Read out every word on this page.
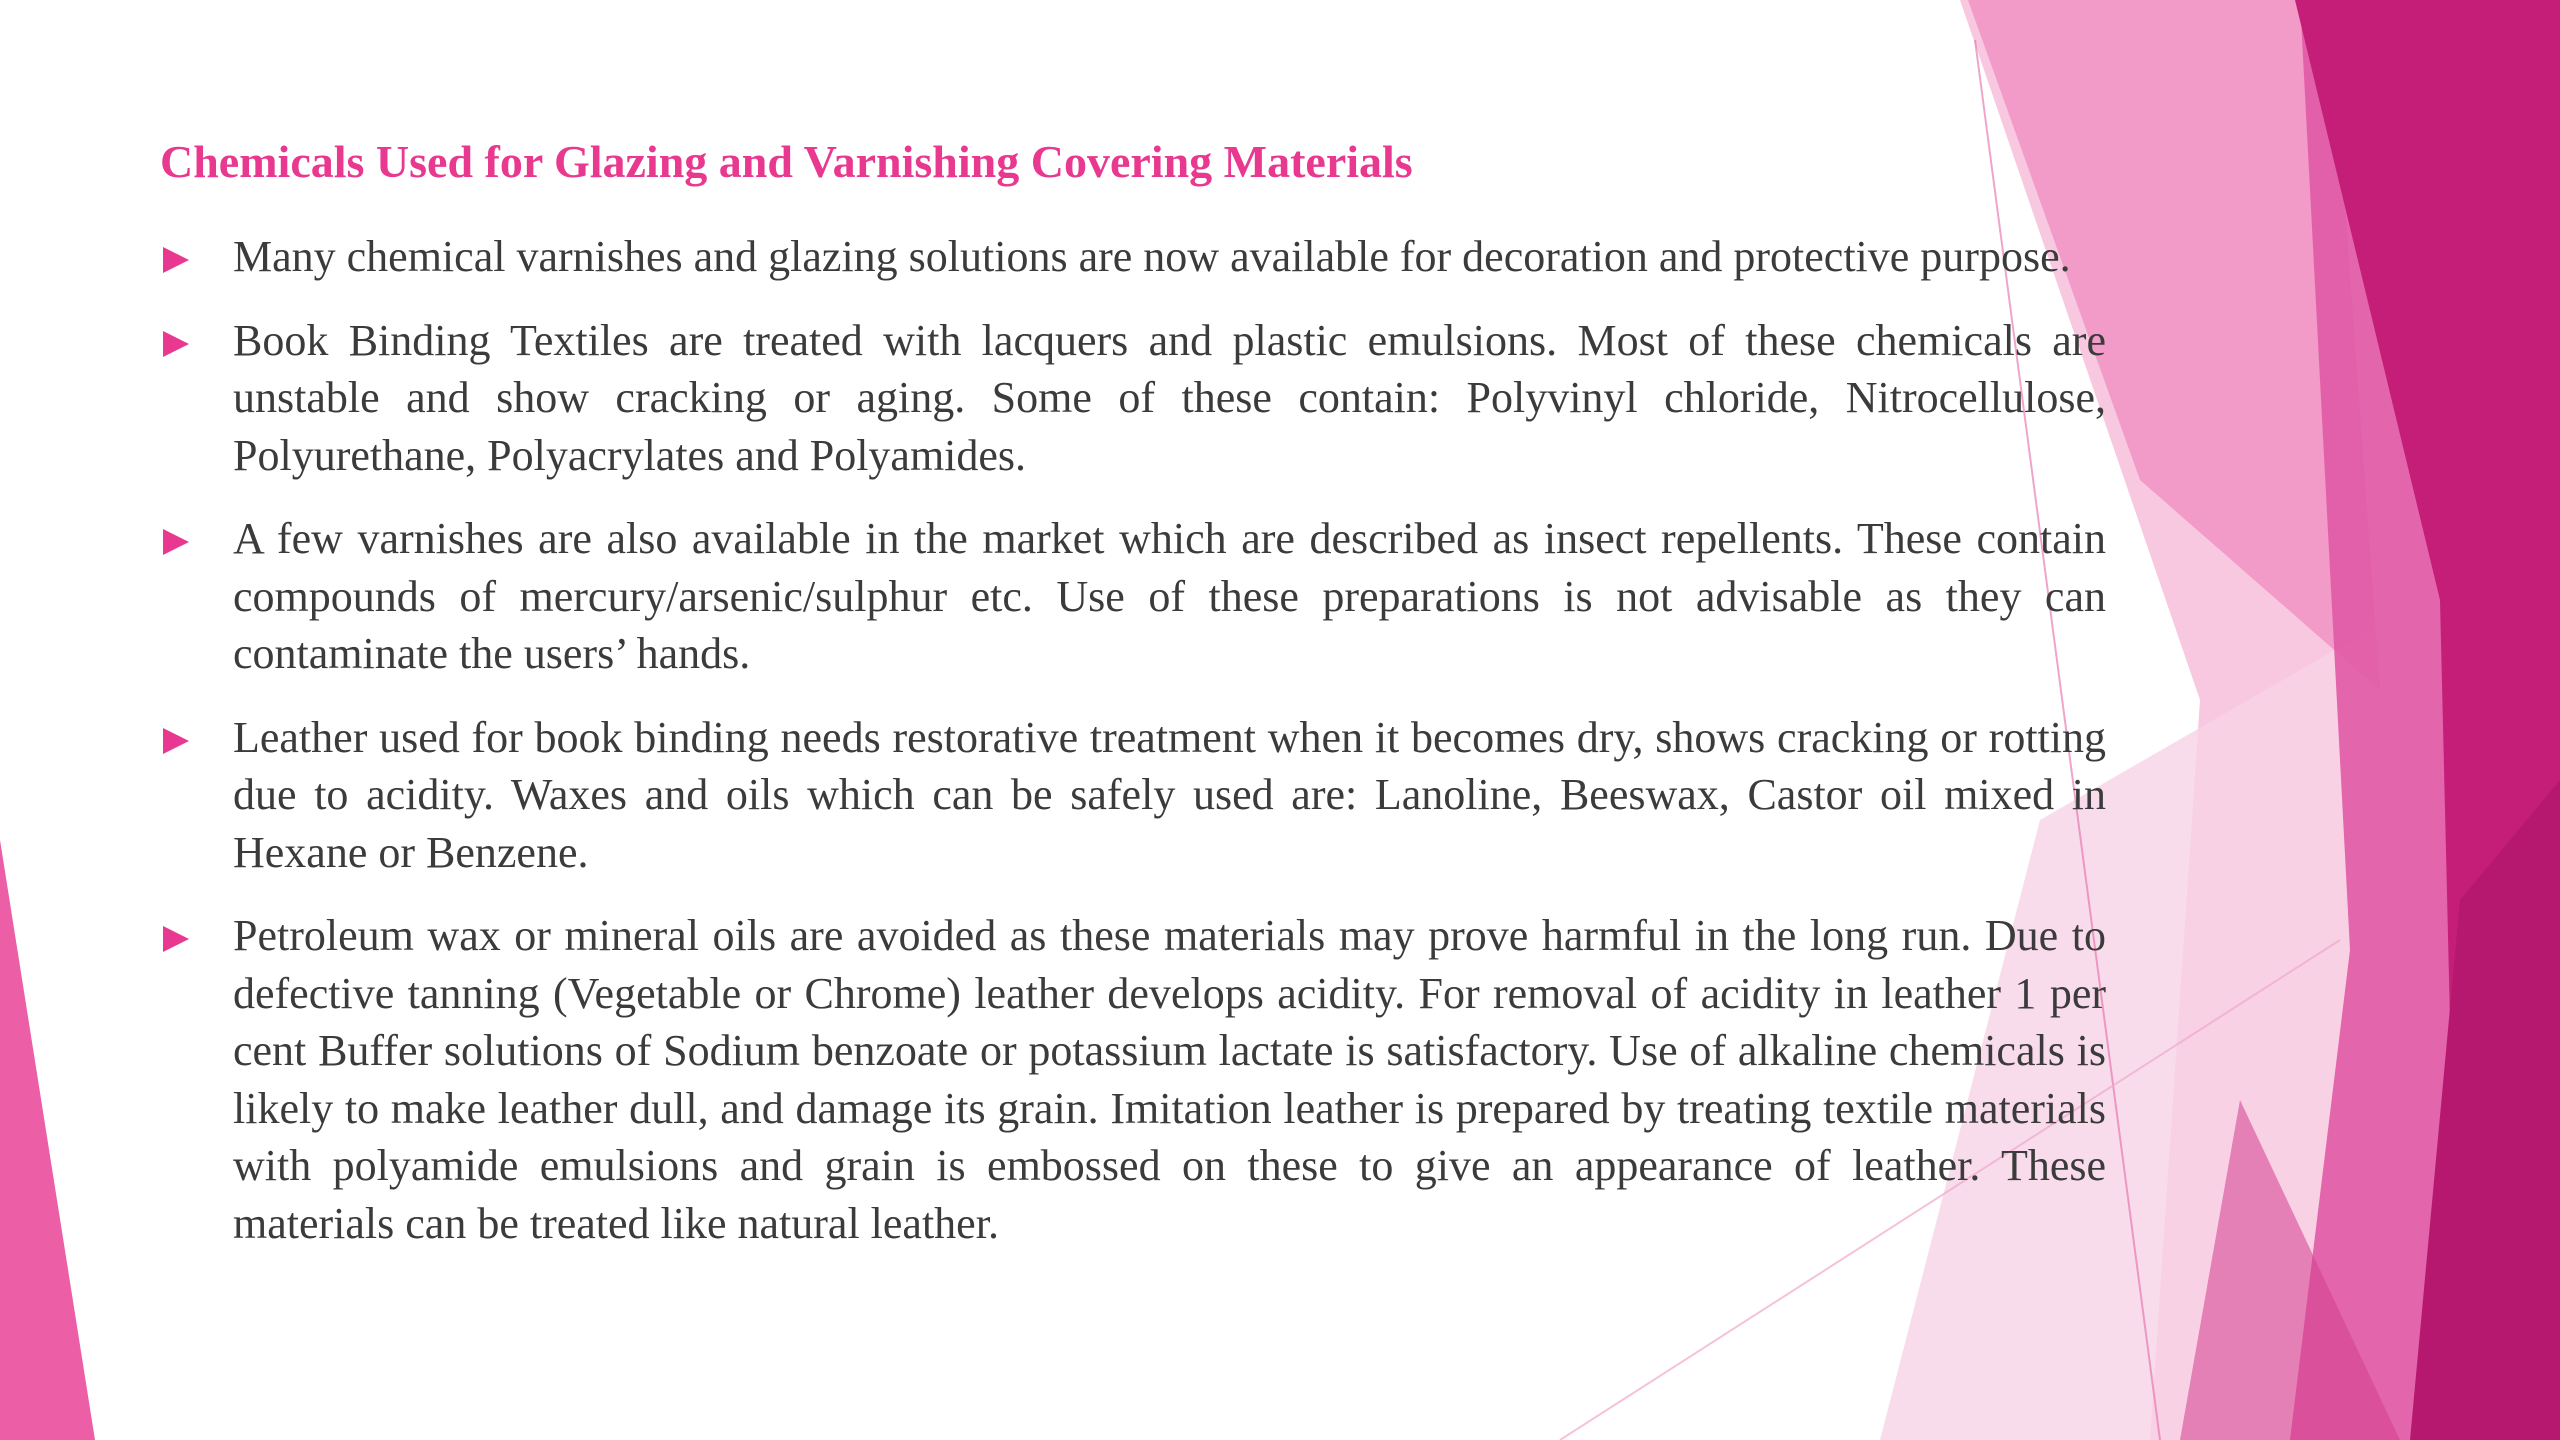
Chemicals Used for Glazing and Varnishing Covering Materials
Many chemical varnishes and glazing solutions are now available for decoration and protective purpose.
Book Binding Textiles are treated with lacquers and plastic emulsions. Most of these chemicals are unstable and show cracking or aging. Some of these contain: Polyvinyl chloride, Nitrocellulose, Polyurethane, Polyacrylates and Polyamides.
A few varnishes are also available in the market which are described as insect repellents. These contain compounds of mercury/arsenic/sulphur etc. Use of these preparations is not advisable as they can contaminate the users’ hands.
Leather used for book binding needs restorative treatment when it becomes dry, shows cracking or rotting due to acidity. Waxes and oils which can be safely used are: Lanoline, Beeswax, Castor oil mixed in Hexane or Benzene.
Petroleum wax or mineral oils are avoided as these materials may prove harmful in the long run. Due to defective tanning (Vegetable or Chrome) leather develops acidity. For removal of acidity in leather 1 per cent Buffer solutions of Sodium benzoate or potassium lactate is satisfactory. Use of alkaline chemicals is likely to make leather dull, and damage its grain. Imitation leather is prepared by treating textile materials with polyamide emulsions and grain is embossed on these to give an appearance of leather. These materials can be treated like natural leather.
